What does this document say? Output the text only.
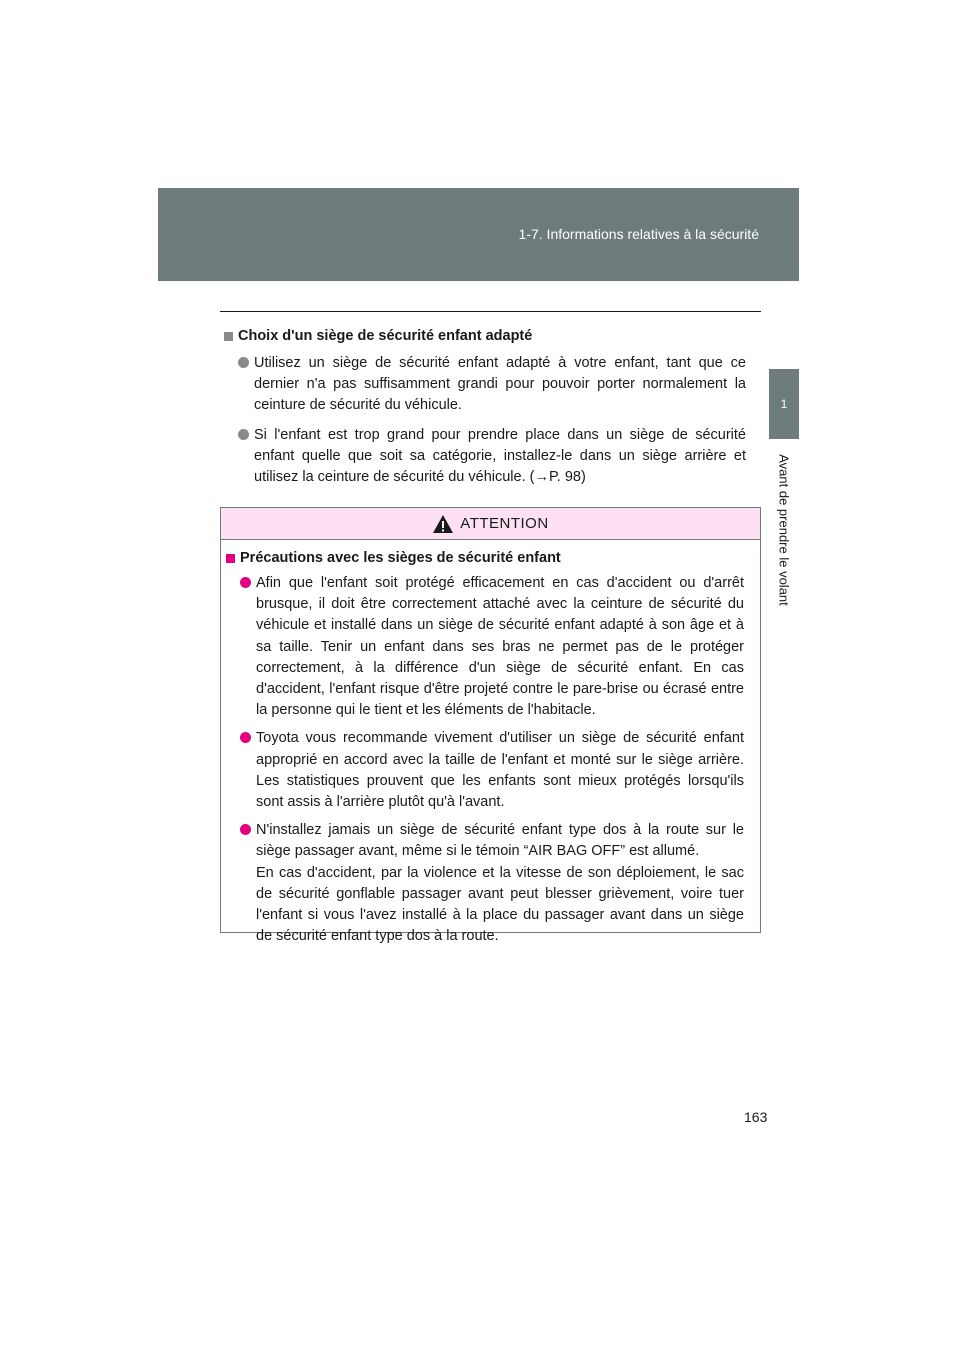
1-7. Informations relatives à la sécurité
1
Avant de prendre le volant
Choix d'un siège de sécurité enfant adapté
Utilisez un siège de sécurité enfant adapté à votre enfant, tant que ce dernier n'a pas suffisamment grandi pour pouvoir porter normalement la ceinture de sécurité du véhicule.
Si l'enfant est trop grand pour prendre place dans un siège de sécurité enfant quelle que soit sa catégorie, installez-le dans un siège arrière et utilisez la ceinture de sécurité du véhicule. (→P. 98)
ATTENTION
Précautions avec les sièges de sécurité enfant
Afin que l'enfant soit protégé efficacement en cas d'accident ou d'arrêt brusque, il doit être correctement attaché avec la ceinture de sécurité du véhicule et installé dans un siège de sécurité enfant adapté à son âge et à sa taille. Tenir un enfant dans ses bras ne permet pas de le protéger correctement, à la différence d'un siège de sécurité enfant. En cas d'accident, l'enfant risque d'être projeté contre le pare-brise ou écrasé entre la personne qui le tient et les éléments de l'habitacle.
Toyota vous recommande vivement d'utiliser un siège de sécurité enfant approprié en accord avec la taille de l'enfant et monté sur le siège arrière. Les statistiques prouvent que les enfants sont mieux protégés lorsqu'ils sont assis à l'arrière plutôt qu'à l'avant.
N'installez jamais un siège de sécurité enfant type dos à la route sur le siège passager avant, même si le témoin “AIR BAG OFF” est allumé.
En cas d'accident, par la violence et la vitesse de son déploiement, le sac de sécurité gonflable passager avant peut blesser grièvement, voire tuer l'enfant si vous l'avez installé à la place du passager avant dans un siège de sécurité enfant type dos à la route.
163
